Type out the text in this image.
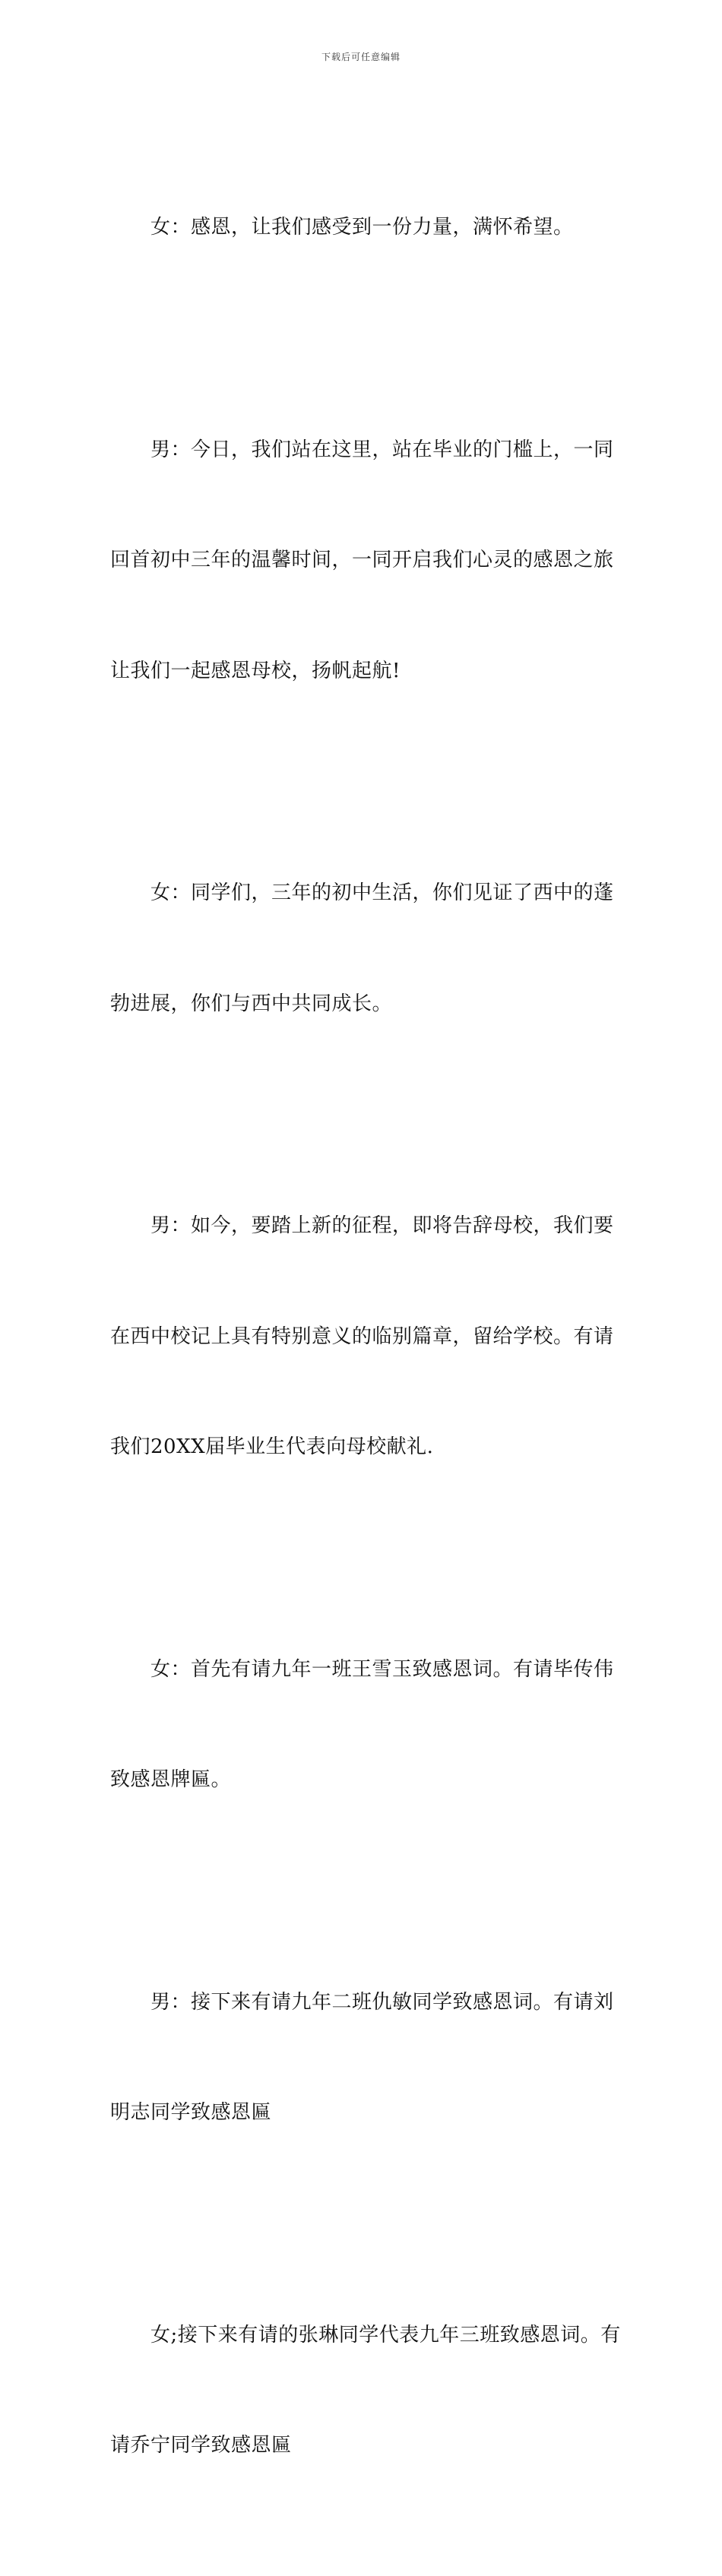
下载后可任意编辑

　　女：感恩，让我们感受到一份力量，满怀希望。

　　男：今日，我们站在这里，站在毕业的门槛上，一同

回首初中三年的温馨时间，一同开启我们心灵的感恩之旅

让我们一起感恩母校，扬帆起航!

　　女：同学们，三年的初中生活，你们见证了西中的蓬

勃进展，你们与西中共同成长。

　　男：如今，要踏上新的征程，即将告辞母校，我们要

在西中校记上具有特别意义的临别篇章，留给学校。有请

我们20XX届毕业生代表向母校献礼.

　　女：首先有请九年一班王雪玉致感恩词。有请毕传伟

致感恩牌匾。

　　男：接下来有请九年二班仇敏同学致感恩词。有请刘

明志同学致感恩匾

　　女;接下来有请的张琳同学代表九年三班致感恩词。有

请乔宁同学致感恩匾
